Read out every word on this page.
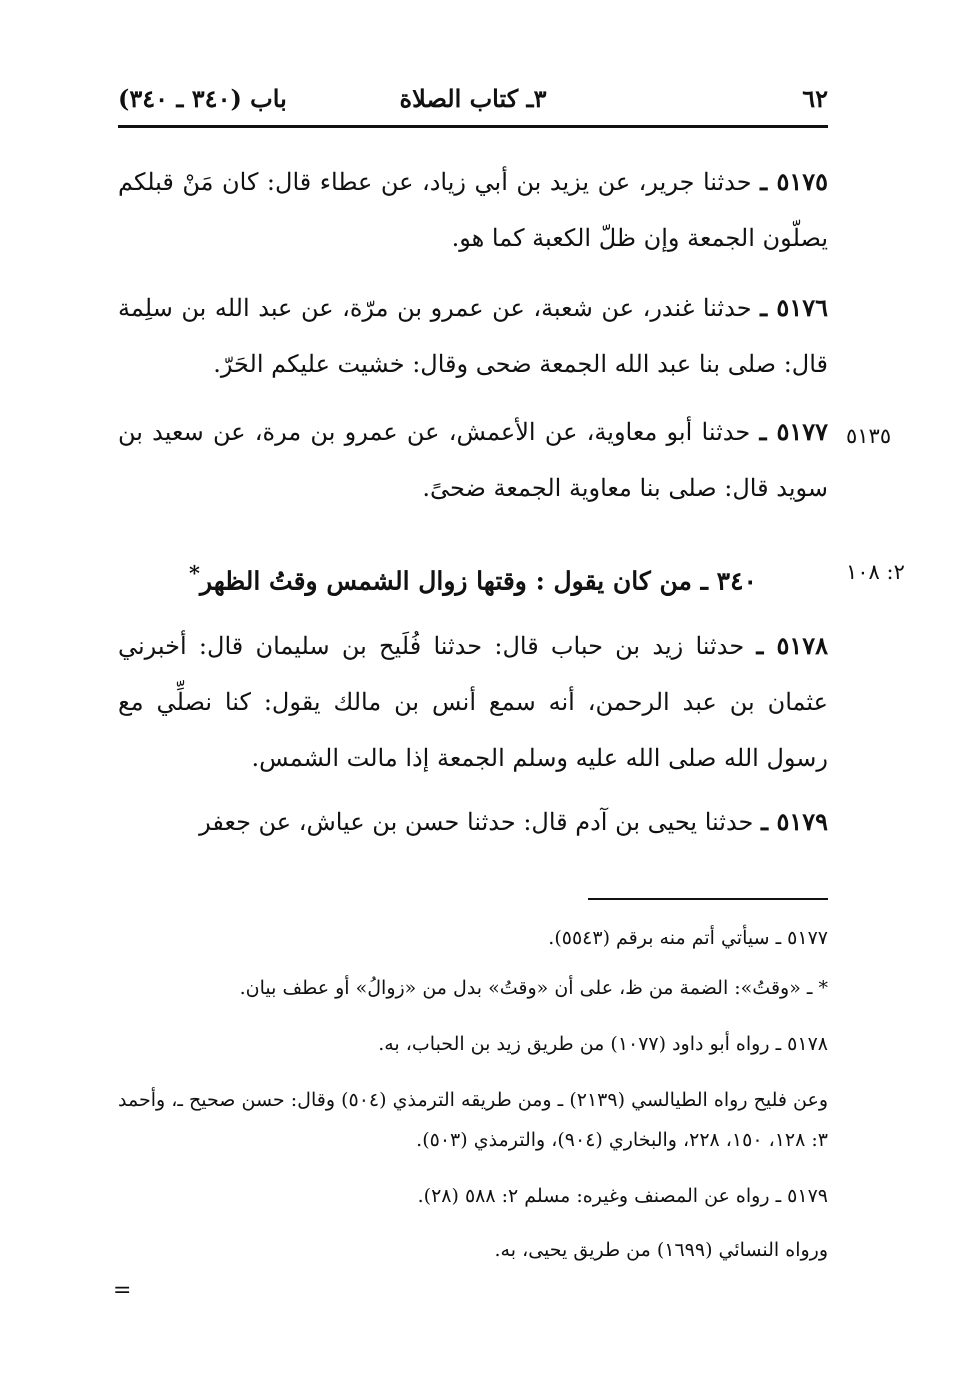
٦٢
٣ـ كتاب الصلاة
باب (٣٤٠ ـ ٣٤٠)
٥١٧٥ ـ حدثنا جرير، عن يزيد بن أبي زياد، عن عطاء قال: كان مَنْ قبلكم يصلّون الجمعة وإن ظلّ الكعبة كما هو.
٥١٧٦ ـ حدثنا غندر، عن شعبة، عن عمرو بن مرّة، عن عبد الله بن سلِمة قال: صلى بنا عبد الله الجمعة ضحى وقال: خشيت عليكم الحَرّ.
٥١٣٥
٥١٧٧ ـ حدثنا أبو معاوية، عن الأعمش، عن عمرو بن مرة، عن سعيد بن سويد قال: صلى بنا معاوية الجمعة ضحىً.
٢: ١٠٨
٣٤٠ ـ من كان يقول : وقتها زوال الشمس وقتُ الظهر*
٥١٧٨ ـ حدثنا زيد بن حباب قال: حدثنا فُلَيح بن سليمان قال: أخبرني عثمان بن عبد الرحمن، أنه سمع أنس بن مالك يقول: كنا نصلِّي مع رسول الله صلى الله عليه وسلم الجمعة إذا مالت الشمس.
٥١٧٩ ـ حدثنا يحيى بن آدم قال: حدثنا حسن بن عياش، عن جعفر
٥١٧٧ ـ سيأتي أتم منه برقم (٥٥٤٣).
* ـ «وقتُ»: الضمة من ظ، على أن «وقتُ» بدل من «زوالُ» أو عطف بيان.
٥١٧٨ ـ رواه أبو داود (١٠٧٧) من طريق زيد بن الحباب، به.
وعن فليح رواه الطيالسي (٢١٣٩) ـ ومن طريقه الترمذي (٥٠٤) وقال: حسن صحيح ـ، وأحمد ٣: ١٢٨، ١٥٠، ٢٢٨، والبخاري (٩٠٤)، والترمذي (٥٠٣).
٥١٧٩ ـ رواه عن المصنف وغيره: مسلم ٢: ٥٨٨ (٢٨).
ورواه النسائي (١٦٩٩) من طريق يحيى، به.
=
